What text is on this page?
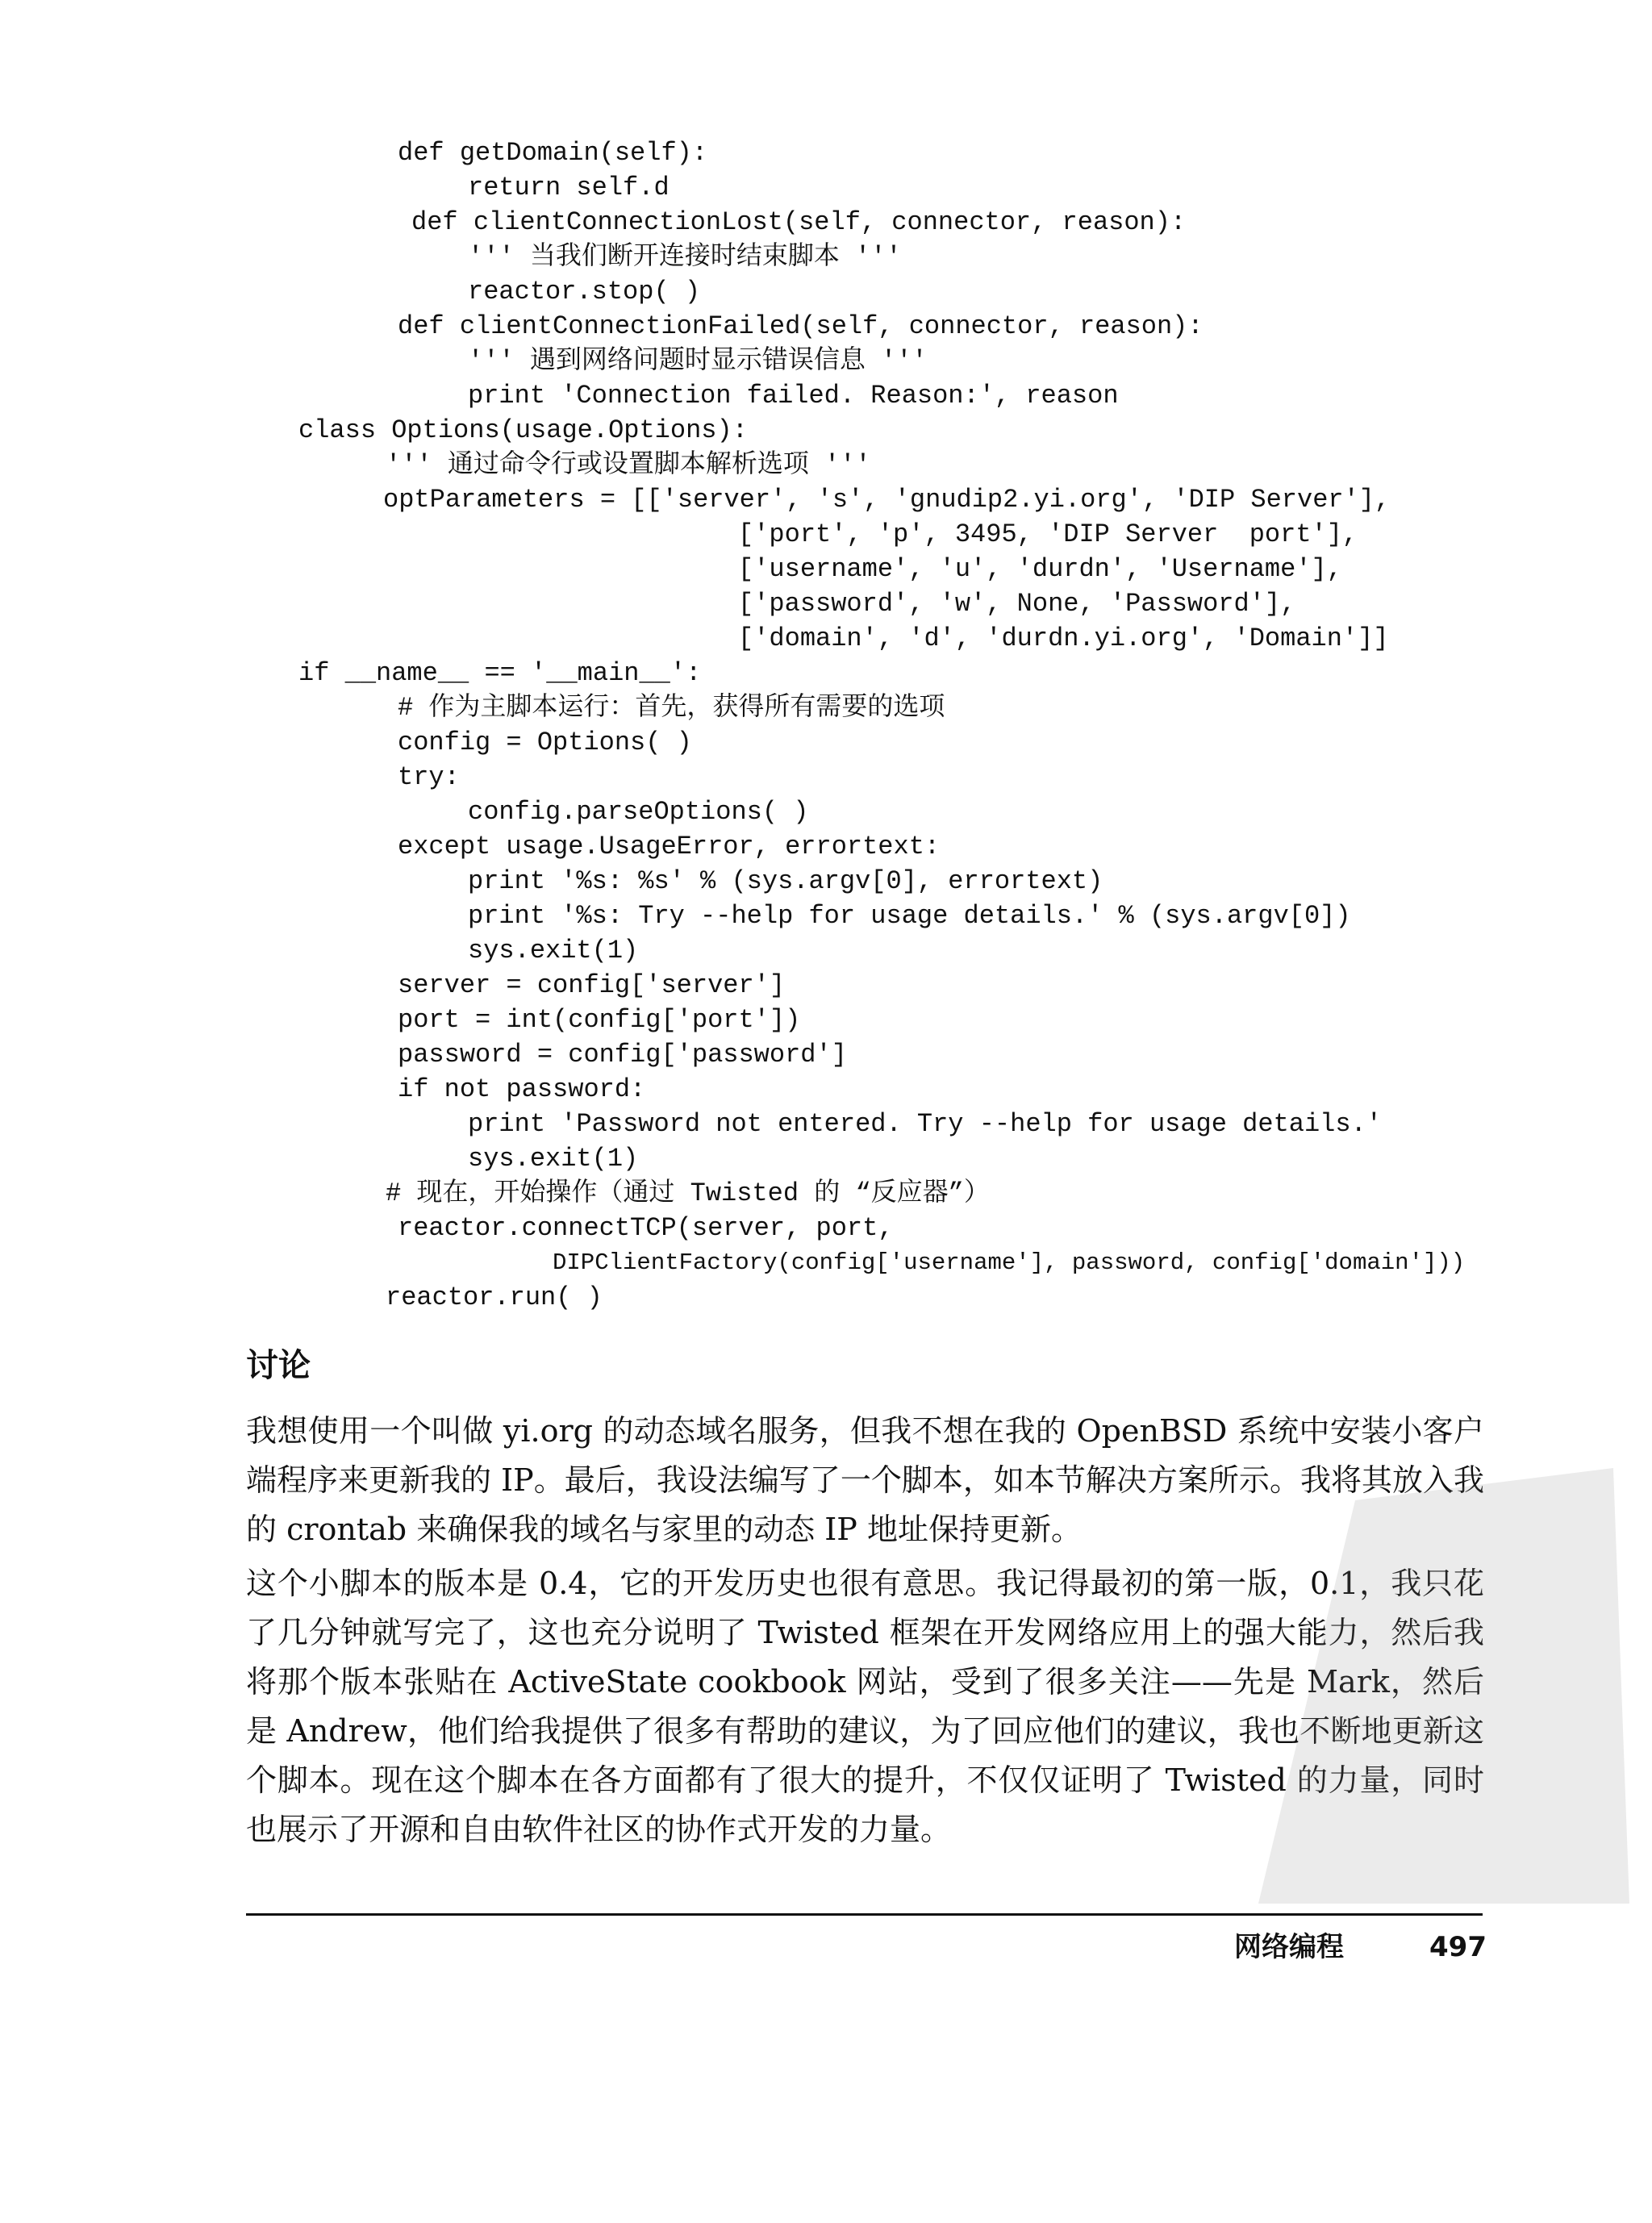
def getDomain(self):
return self.d
def clientConnectionLost(self, connector, reason):
''' 当我们断开连接时结束脚本 '''
reactor.stop( )
def clientConnectionFailed(self, connector, reason):
''' 遇到网络问题时显示错误信息 '''
print 'Connection failed. Reason:', reason
class Options(usage.Options):
''' 通过命令行或设置脚本解析选项 '''
optParameters = [['server', 's', 'gnudip2.yi.org', 'DIP Server'],
['port', 'p', 3495, 'DIP Server  port'],
['username', 'u', 'durdn', 'Username'],
['password', 'w', None, 'Password'],
['domain', 'd', 'durdn.yi.org', 'Domain']]
if __name__ == '__main__':
# 作为主脚本运行：首先，获得所有需要的选项
config = Options( )
try:
config.parseOptions( )
except usage.UsageError, errortext:
print '%s: %s' % (sys.argv[0], errortext)
print '%s: Try --help for usage details.' % (sys.argv[0])
sys.exit(1)
server = config['server']
port = int(config['port'])
password = config['password']
if not password:
print 'Password not entered. Try --help for usage details.'
sys.exit(1)
# 现在，开始操作（通过 Twisted 的 “反应器”）
reactor.connectTCP(server, port,
DIPClientFactory(config['username'], password, config['domain']))
reactor.run( )
讨论

我想使用一个叫做 yi.org 的动态域名服务，但我不想在我的 OpenBSD 系统中安装小客户端程序来更新我的 IP。最后，我设法编写了一个脚本，如本节解决方案所示。我将其放入我的 crontab 来确保我的域名与家里的动态 IP 地址保持更新。

这个小脚本的版本是 0.4，它的开发历史也很有意思。我记得最初的第一版，0.1，我只花了几分钟就写完了，这也充分说明了 Twisted 框架在开发网络应用上的强大能力，然后我将那个版本张贴在 ActiveState cookbook 网站，受到了很多关注——先是 Mark，然后是 Andrew，他们给我提供了很多有帮助的建议，为了回应他们的建议，我也不断地更新这个脚本。现在这个脚本在各方面都有了很大的提升，不仅仅证明了 Twisted 的力量，同时也展示了开源和自由软件社区的协作式开发的力量。

网络编程	497
